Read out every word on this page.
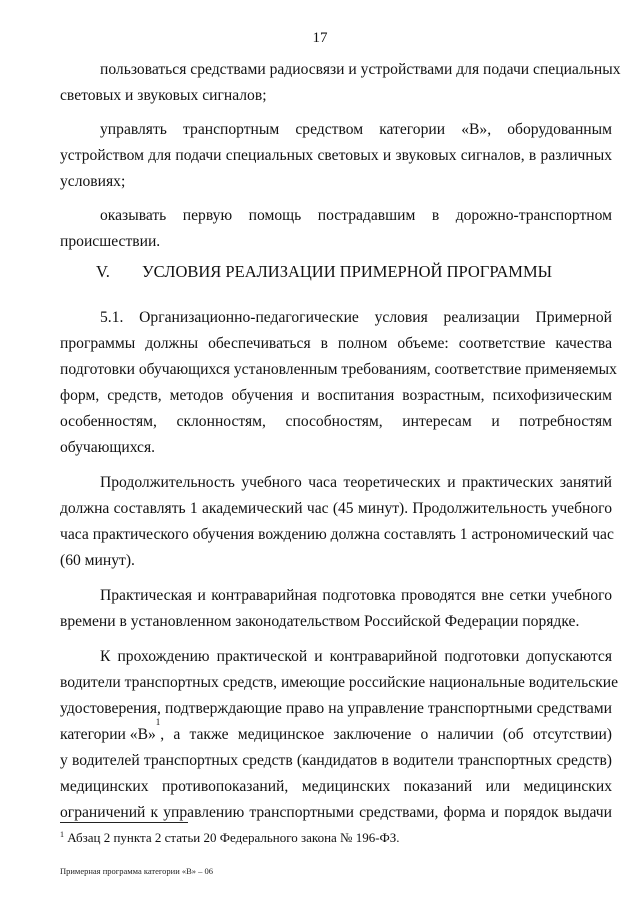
17
пользоваться средствами радиосвязи и устройствами для подачи специальных
световых и звуковых сигналов;
управлять транспортным средством категории «В», оборудованным
устройством для подачи специальных световых и звуковых сигналов, в различных
условиях;
оказывать первую помощь пострадавшим в дорожно-транспортном
происшествии.
V. УСЛОВИЯ РЕАЛИЗАЦИИ ПРИМЕРНОЙ ПРОГРАММЫ
5.1. Организационно-педагогические условия реализации Примерной
программы должны обеспечиваться в полном объеме: соответствие качества
подготовки обучающихся установленным требованиям, соответствие применяемых
форм, средств, методов обучения и воспитания возрастным, психофизическим
особенностям, склонностям, способностям, интересам и потребностям
обучающихся.
Продолжительность учебного часа теоретических и практических занятий
должна составлять 1 академический час (45 минут). Продолжительность учебного
часа практического обучения вождению должна составлять 1 астрономический час
(60 минут).
Практическая и контраварийная подготовка проводятся вне сетки учебного
времени в установленном законодательством Российской Федерации порядке.
К прохождению практической и контраварийной подготовки допускаются
водители транспортных средств, имеющие российские национальные водительские
удостоверения, подтверждающие право на управление транспортными средствами
категории «В»
1
, а также медицинское заключение о наличии (об отсутствии)
у водителей транспортных средств (кандидатов в водители транспортных средств)
медицинских противопоказаний, медицинских показаний или медицинских
ограничений к управлению транспортными средствами, форма и порядок выдачи
$^1$ Абзац 2 пункта 2 статьи 20 Федерального закона № 196-ФЗ.
Примерная программа категории «В» – 06
